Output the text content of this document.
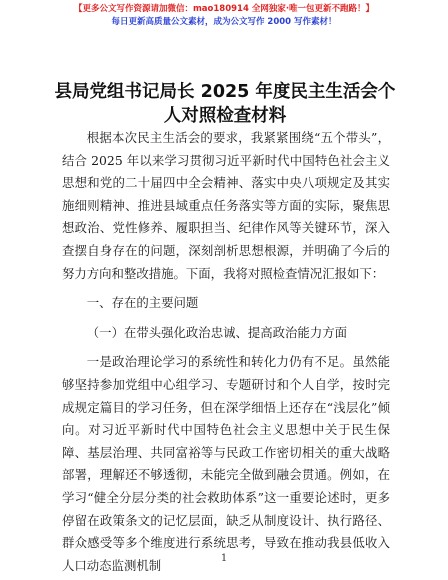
【更多公文写作资源请加微信：mao180914 全网独家·唯一包更新不跑路！】
每日更新高质量公文素材，成为公文写作 2000 写作素材！
县局党组书记局长 2025 年度民主生活会个人对照检查材料

根据本次民主生活会的要求，我紧紧围绕“五个带头”，结合 2025 年以来学习贯彻习近平新时代中国特色社会主义思想和党的二十届四中全会精神、落实中央八项规定及其实施细则精神、推进县域重点任务落实等方面的实际，聚焦思想政治、党性修养、履职担当、纪律作风等关键环节，深入查摆自身存在的问题，深刻剖析思想根源，并明确了今后的努力方向和整改措施。下面，我将对照检查情况汇报如下：

一、存在的主要问题

（一）在带头强化政治忠诚、提高政治能力方面

一是政治理论学习的系统性和转化力仍有不足。虽然能够坚持参加党组中心组学习、专题研讨和个人自学，按时完成规定篇目的学习任务，但在深学细悟上还存在“浅层化”倾向。对习近平新时代中国特色社会主义思想中关于民生保障、基层治理、共同富裕等与民政工作密切相关的重大战略部署，理解还不够透彻，未能完全做到融会贯通。例如，在学习“健全分层分类的社会救助体系”这一重要论述时，更多停留在政策条文的记忆层面，缺乏从制度设计、执行路径、群众感受等多个维度进行系统思考，导致在推动我县低收入人口动态监测机制	1
